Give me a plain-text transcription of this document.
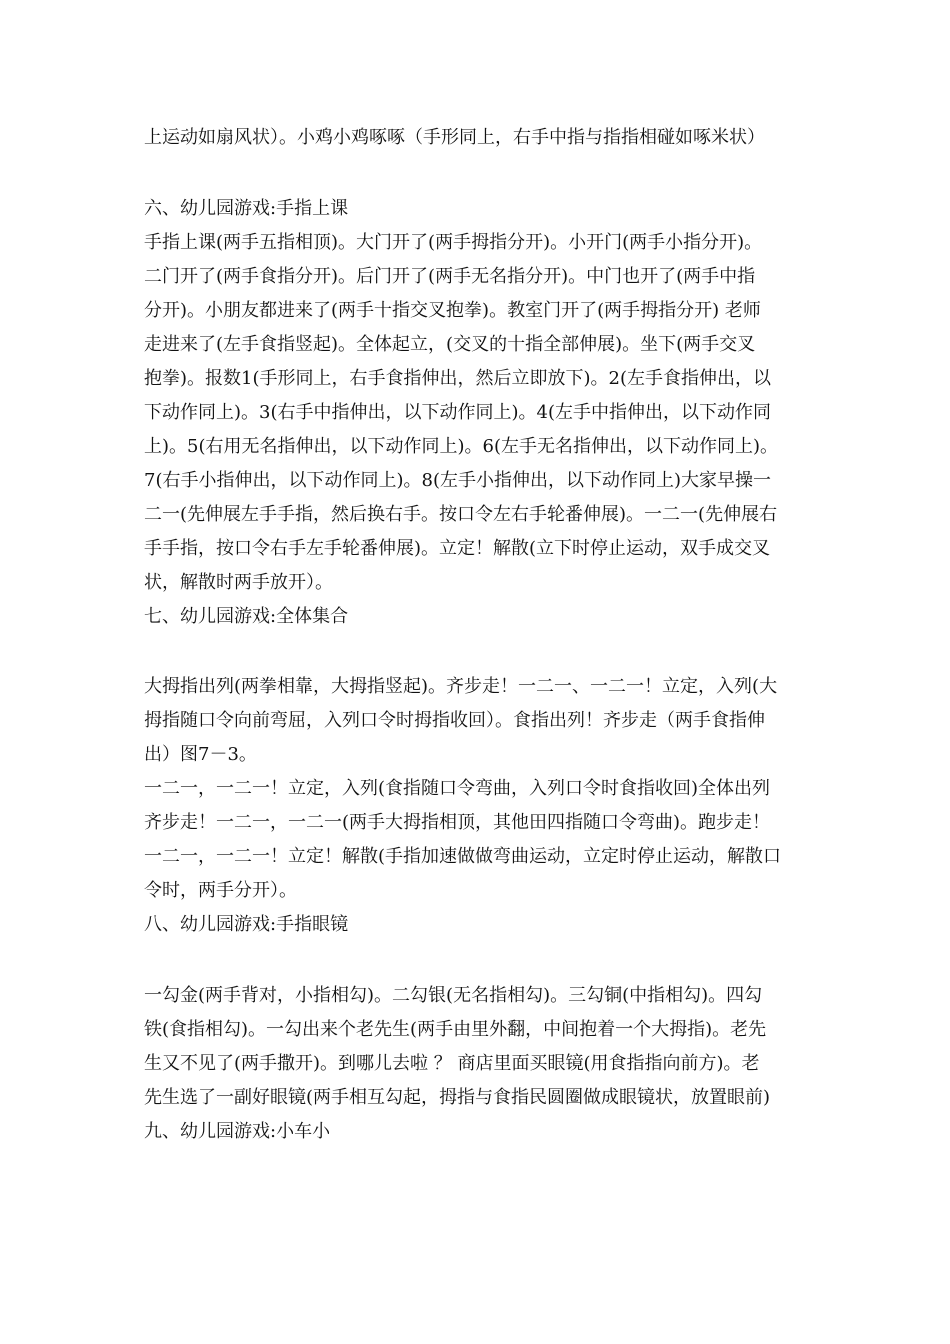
上运动如扇风状）。小鸡小鸡啄啄（手形同上，右手中指与指指相碰如啄米状）
六、幼儿园游戏:手指上课
手指上课(两手五指相顶)。大门开了(两手拇指分开)。小开门(两手小指分开)。
二门开了(两手食指分开)。后门开了(两手无名指分开)。中门也开了(两手中指
分开)。小朋友都进来了(两手十指交叉抱拳)。教室门开了(两手拇指分开) 老师
走进来了(左手食指竖起)。全体起立，(交叉的十指全部伸展)。坐下(两手交叉
抱拳)。报数1(手形同上，右手食指伸出，然后立即放下)。2(左手食指伸出，以
下动作同上)。3(右手中指伸出，以下动作同上)。4(左手中指伸出，以下动作同
上)。5(右用无名指伸出，以下动作同上)。6(左手无名指伸出，以下动作同上)。
7(右手小指伸出，以下动作同上)。8(左手小指伸出，以下动作同上)大家早操一
二一(先伸展左手手指，然后换右手。按口令左右手轮番伸展)。一二一(先伸展右
手手指，按口令右手左手轮番伸展)。立定！解散(立下时停止运动，双手成交叉
状，解散时两手放开）。
七、幼儿园游戏:全体集合
大拇指出列(两拳相靠，大拇指竖起)。齐步走！一二一、一二一！立定，入列(大
拇指随口令向前弯屈，入列口令时拇指收回）。食指出列！齐步走（两手食指伸
出）图7－3。
一二一，一二一！立定，入列(食指随口令弯曲，入列口令时食指收回)全体出列
齐步走！一二一，一二一(两手大拇指相顶，其他田四指随口令弯曲)。跑步走！
一二一，一二一！立定！解散(手指加速做做弯曲运动，立定时停止运动，解散口
令时，两手分开）。
八、幼儿园游戏:手指眼镜
一勾金(两手背对，小指相勾)。二勾银(无名指相勾)。三勾铜(中指相勾)。四勾
铁(食指相勾)。一勾出来个老先生(两手由里外翻，中间抱着一个大拇指)。老先
生又不见了(两手撒开)。到哪儿去啦 ？ 商店里面买眼镜(用食指指向前方)。老
先生选了一副好眼镜(两手相互勾起，拇指与食指民圆圈做成眼镜状，放置眼前)
九、幼儿园游戏:小车小
